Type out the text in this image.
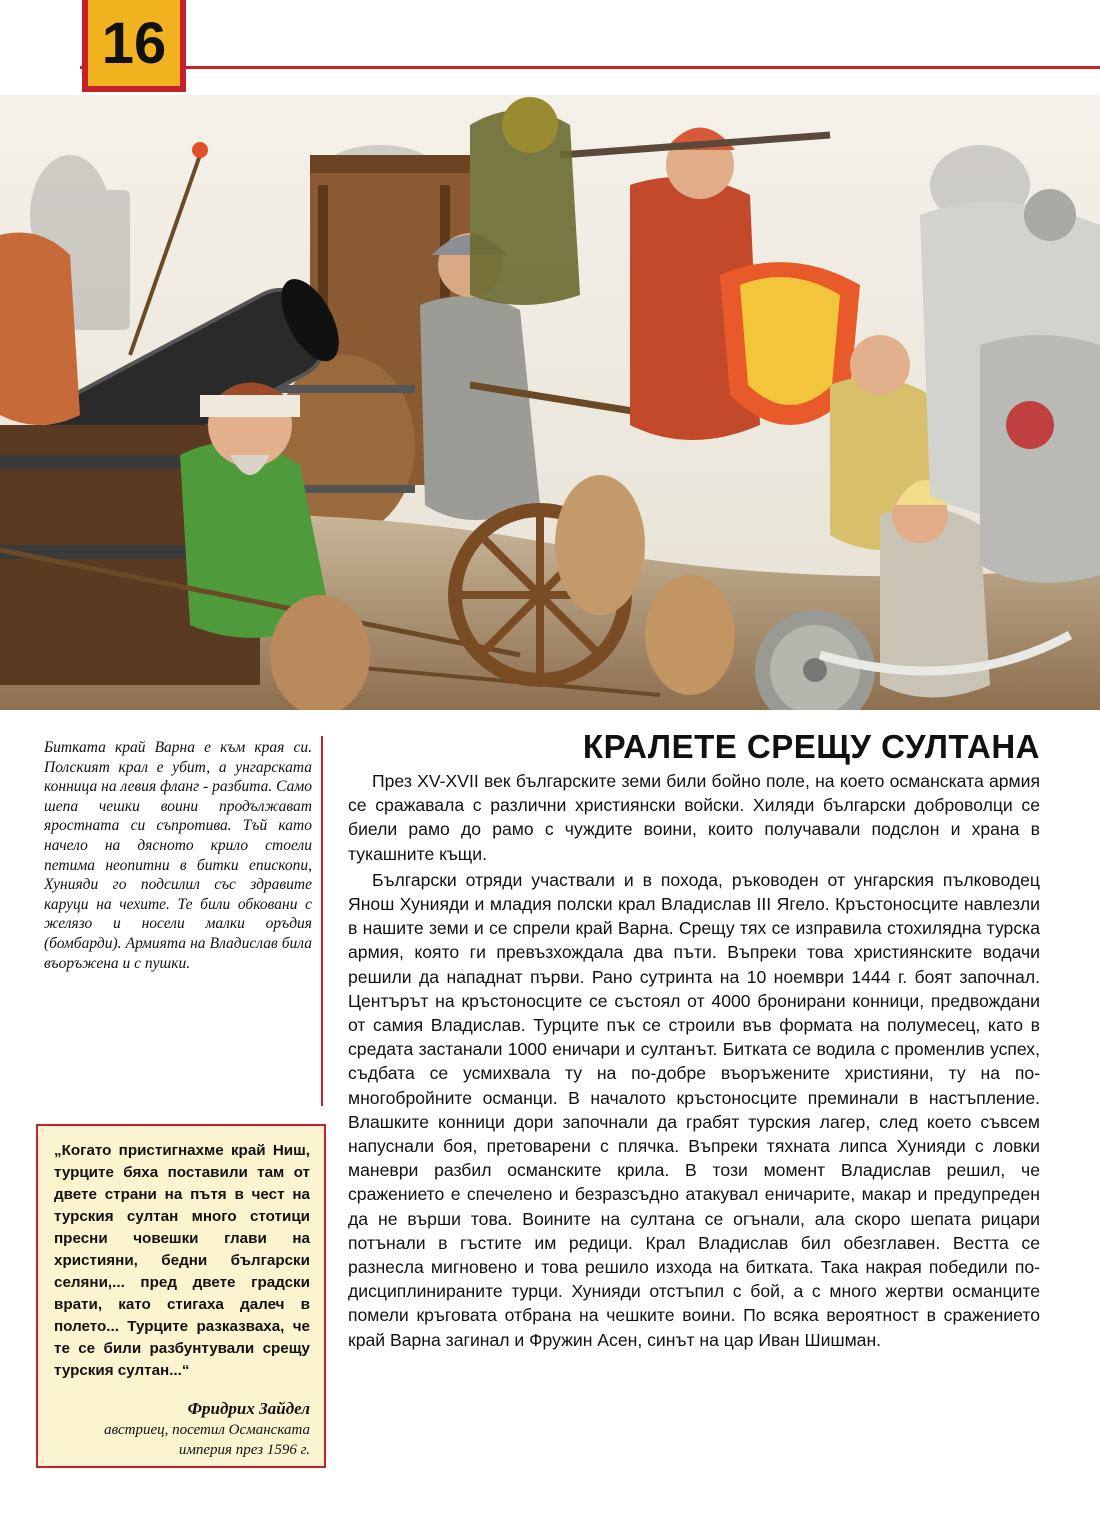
16
Битката край Варна е към края си. Полският крал е убит, а унгарската конница на левия фланг - разбита. Само шепа чешки воини продължават яростната си съпротива. Тъй като начело на дясното крило стоели петима неопитни в битки епископи, Хунияди го подсилил със здравите каруци на чехите. Те били обковани с желязо и носели малки оръдия (бомбарди). Армията на Владислав била въоръжена и с пушки.
„Когато пристигнахме край Ниш, турците бяха поставили там от двете страни на пътя в чест на турския султан много стотици пресни човешки глави на християни, бедни български селяни,... пред двете градски врати, като стигаха далеч в полето... Турците разказваха, че те се били разбунтували срещу турския султан...“
Фридрих Зайдел
австриец, посетил Османската империя през 1596 г.
КРАЛЕТЕ СРЕЩУ СУЛТАНА

През XV-XVII век българските земи били бойно поле, на което османската армия се сражавала с различни християнски войски. Хиляди български доброволци се биели рамо до рамо с чуждите воини, които получавали подслон и храна в тукашните къщи.

Български отряди участвали и в похода, ръководен от унгарския пълководец Янош Хунияди и младия полски крал Владислав III Ягело. Кръстоносците навлезли в нашите земи и се спрели край Варна. Срещу тях се изправила стохилядна турска армия, която ги превъзхождала два пъти. Въпреки това християнските водачи решили да нападнат първи. Рано сутринта на 10 ноември 1444 г. боят започнал. Центърът на кръстоносците се състоял от 4000 бронирани конници, предвождани от самия Владислав. Турците пък се строили във формата на полумесец, като в средата застанали 1000 еничари и султанът. Битката се водила с променлив успех, съдбата се усмихвала ту на по-добре въоръжените християни, ту на по-многобройните османци. В началото кръстоносците преминали в настъпление. Влашките конници дори започнали да грабят турския лагер, след което съвсем напуснали боя, претоварени с плячка. Въпреки тяхната липса Хунияди с ловки маневри разбил османските крила. В този момент Владислав решил, че сражението е спечелено и безразсъдно атакувал еничарите, макар и предупреден да не върши това. Воините на султана се огънали, ала скоро шепата рицари потънали в гъстите им редици. Крал Владислав бил обезглавен. Вестта се разнесла мигновено и това решило изхода на битката. Така накрая победили по-дисциплинираните турци. Хунияди отстъпил с бой, а с много жертви османците помели кръговата отбрана на чешките воини. По всяка вероятност в сражението край Варна загинал и Фружин Асен, синът на цар Иван Шишман.
